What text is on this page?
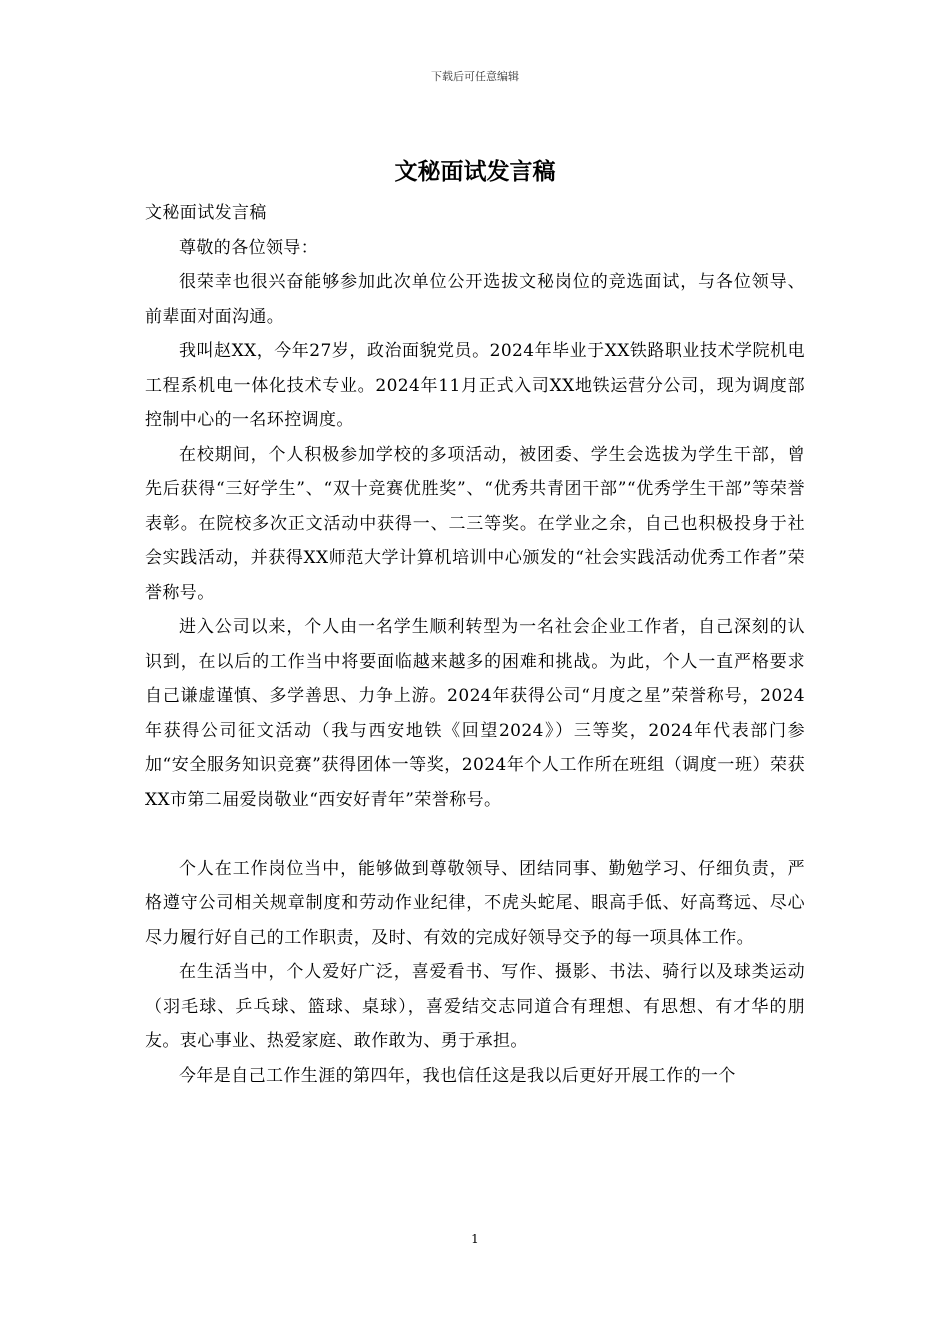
下载后可任意编辑
文秘面试发言稿

文秘面试发言稿

尊敬的各位领导：

很荣幸也很兴奋能够参加此次单位公开选拔文秘岗位的竞选面试，与各位领导、前辈面对面沟通。

我叫赵XX，今年27岁，政治面貌党员。2024年毕业于XX铁路职业技术学院机电工程系机电一体化技术专业。2024年11月正式入司XX地铁运营分公司，现为调度部控制中心的一名环控调度。

在校期间，个人积极参加学校的多项活动，被团委、学生会选拔为学生干部，曾先后获得“三好学生”、“双十竞赛优胜奖”、“优秀共青团干部”“优秀学生干部”等荣誉表彰。在院校多次正文活动中获得一、二三等奖。在学业之余，自己也积极投身于社会实践活动，并获得XX师范大学计算机培训中心颁发的“社会实践活动优秀工作者”荣誉称号。

进入公司以来，个人由一名学生顺利转型为一名社会企业工作者，自己深刻的认识到，在以后的工作当中将要面临越来越多的困难和挑战。为此，个人一直严格要求自己谦虚谨慎、多学善思、力争上游。2024年获得公司“月度之星”荣誉称号，2024年获得公司征文活动（我与西安地铁《回望2024》）三等奖，2024年代表部门参加“安全服务知识竞赛”获得团体一等奖，2024年个人工作所在班组（调度一班）荣获XX市第二届爱岗敬业“西安好青年”荣誉称号。

个人在工作岗位当中，能够做到尊敬领导、团结同事、勤勉学习、仔细负责，严格遵守公司相关规章制度和劳动作业纪律，不虎头蛇尾、眼高手低、好高骛远、尽心尽力履行好自己的工作职责，及时、有效的完成好领导交予的每一项具体工作。

在生活当中，个人爱好广泛，喜爱看书、写作、摄影、书法、骑行以及球类运动（羽毛球、乒乓球、篮球、桌球），喜爱结交志同道合有理想、有思想、有才华的朋友。衷心事业、热爱家庭、敢作敢为、勇于承担。

今年是自己工作生涯的第四年，我也信任这是我以后更好开展工作的一个

1
